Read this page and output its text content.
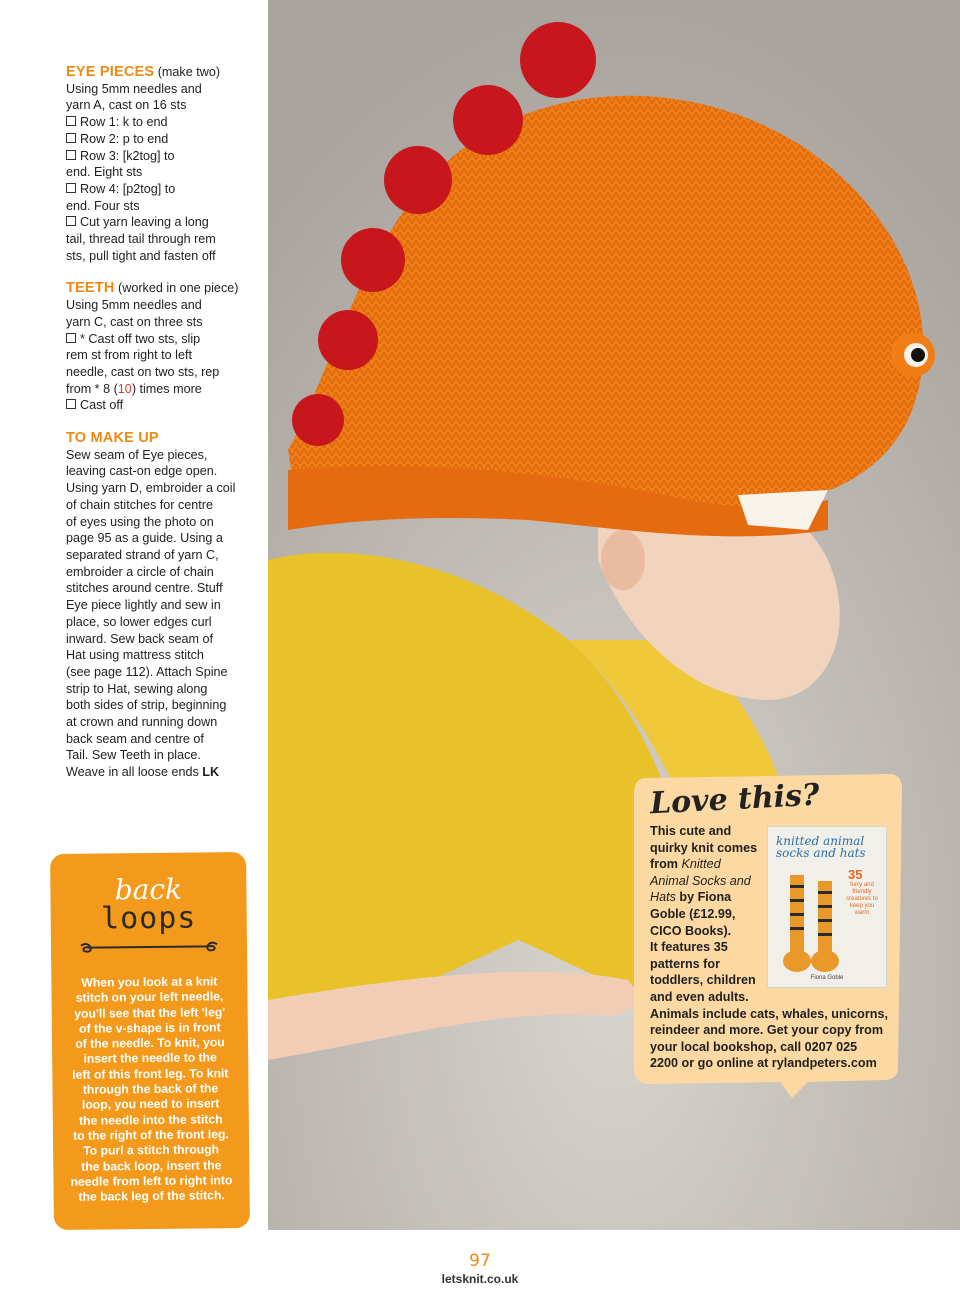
EYE PIECES (make two)
Using 5mm needles and
yarn A, cast on 16 sts
Row 1: k to end
Row 2: p to end
Row 3: [k2tog] to
end. Eight sts
Row 4: [p2tog] to
end. Four sts
Cut yarn leaving a long
tail, thread tail through rem
sts, pull tight and fasten off
TEETH (worked in one piece)
Using 5mm needles and
yarn C, cast on three sts
* Cast off two sts, slip
rem st from right to left
needle, cast on two sts, rep
from * 8 (10) times more
Cast off
TO MAKE UP
Sew seam of Eye pieces,
leaving cast-on edge open.
Using yarn D, embroider a coil
of chain stitches for centre
of eyes using the photo on
page 95 as a guide. Using a
separated strand of yarn C,
embroider a circle of chain
stitches around centre. Stuff
Eye piece lightly and sew in
place, so lower edges curl
inward. Sew back seam of
Hat using mattress stitch
(see page 112). Attach Spine
strip to Hat, sewing along
both sides of strip, beginning
at crown and running down
back seam and centre of
Tail. Sew Teeth in place.
Weave in all loose ends LK
back
loops
When you look at a knit
stitch on your left needle,
you'll see that the left 'leg'
of the v-shape is in front
of the needle. To knit, you
insert the needle to the
left of this front leg. To knit
through the back of the
loop, you need to insert
the needle into the stitch
to the right of the front leg.
To purl a stitch through
the back loop, insert the
needle from left to right into
the back leg of the stitch.
Love this?
knitted animal
socks and hats
35
furry and friendly creatures to keep you warm
Fiona Goble
This cute and
quirky knit comes
from Knitted
Animal Socks and
Hats by Fiona
Goble (£12.99,
CICO Books).
It features 35
patterns for
toddlers, children
and even adults.
Animals include cats, whales, unicorns,
reindeer and more. Get your copy from
your local bookshop, call 0207 025
2200 or go online at rylandpeters.com
97
letsknit.co.uk
